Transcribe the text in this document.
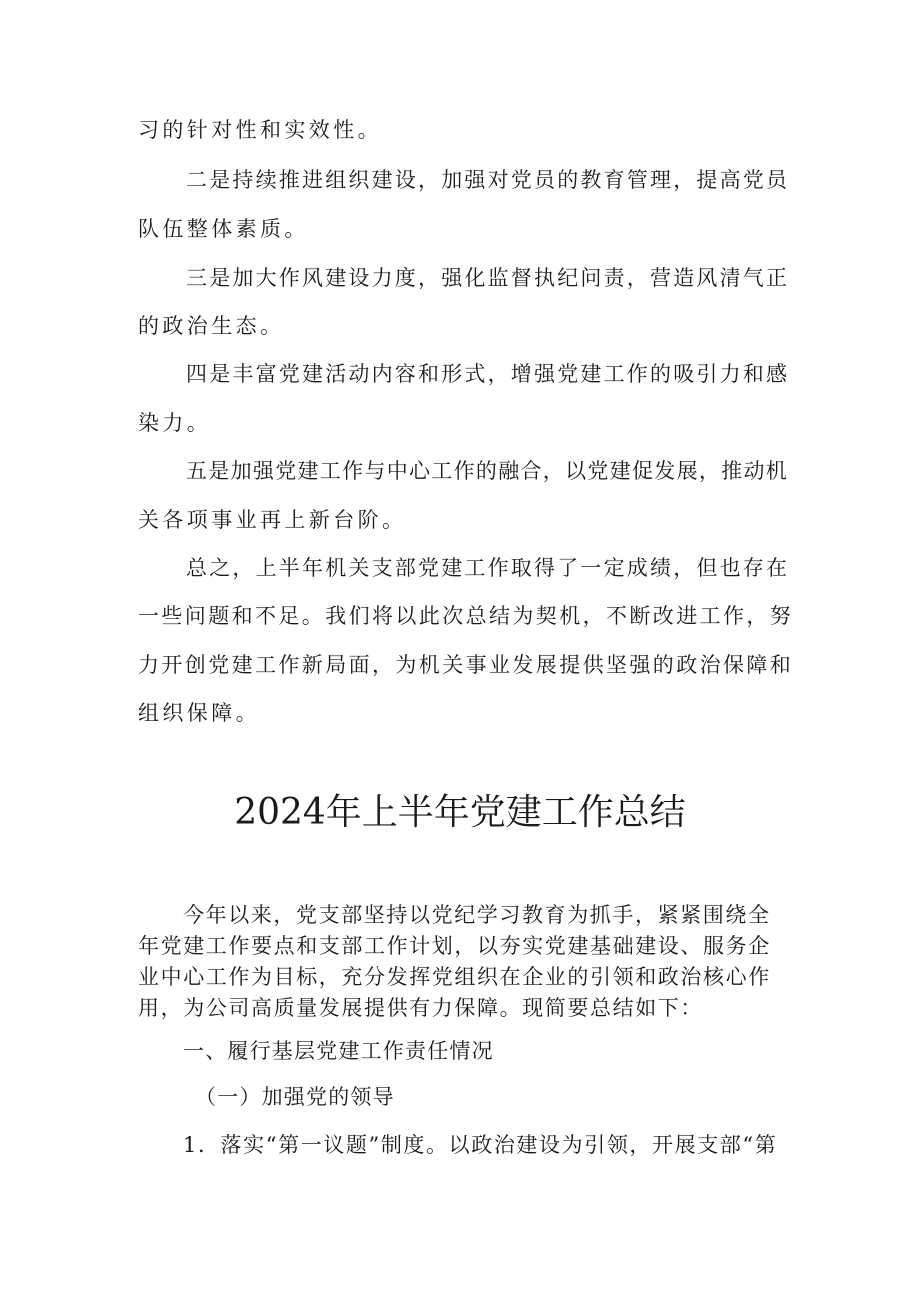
习的针对性和实效性。
二是持续推进组织建设，加强对党员的教育管理，提高党员
队伍整体素质。
三是加大作风建设力度，强化监督执纪问责，营造风清气正
的政治生态。
四是丰富党建活动内容和形式，增强党建工作的吸引力和感
染力。
五是加强党建工作与中心工作的融合，以党建促发展，推动机
关各项事业再上新台阶。
总之，上半年机关支部党建工作取得了一定成绩，但也存在
一些问题和不足。我们将以此次总结为契机，不断改进工作，努
力开创党建工作新局面，为机关事业发展提供坚强的政治保障和
组织保障。
2024年上半年党建工作总结
今年以来，党支部坚持以党纪学习教育为抓手，紧紧围绕全
年党建工作要点和支部工作计划，以夯实党建基础建设、服务企
业中心工作为目标，充分发挥党组织在企业的引领和政治核心作
用，为公司高质量发展提供有力保障。现简要总结如下：
一、履行基层党建工作责任情况
（一）加强党的领导
1．落实“第一议题”制度。以政治建设为引领，开展支部“第
